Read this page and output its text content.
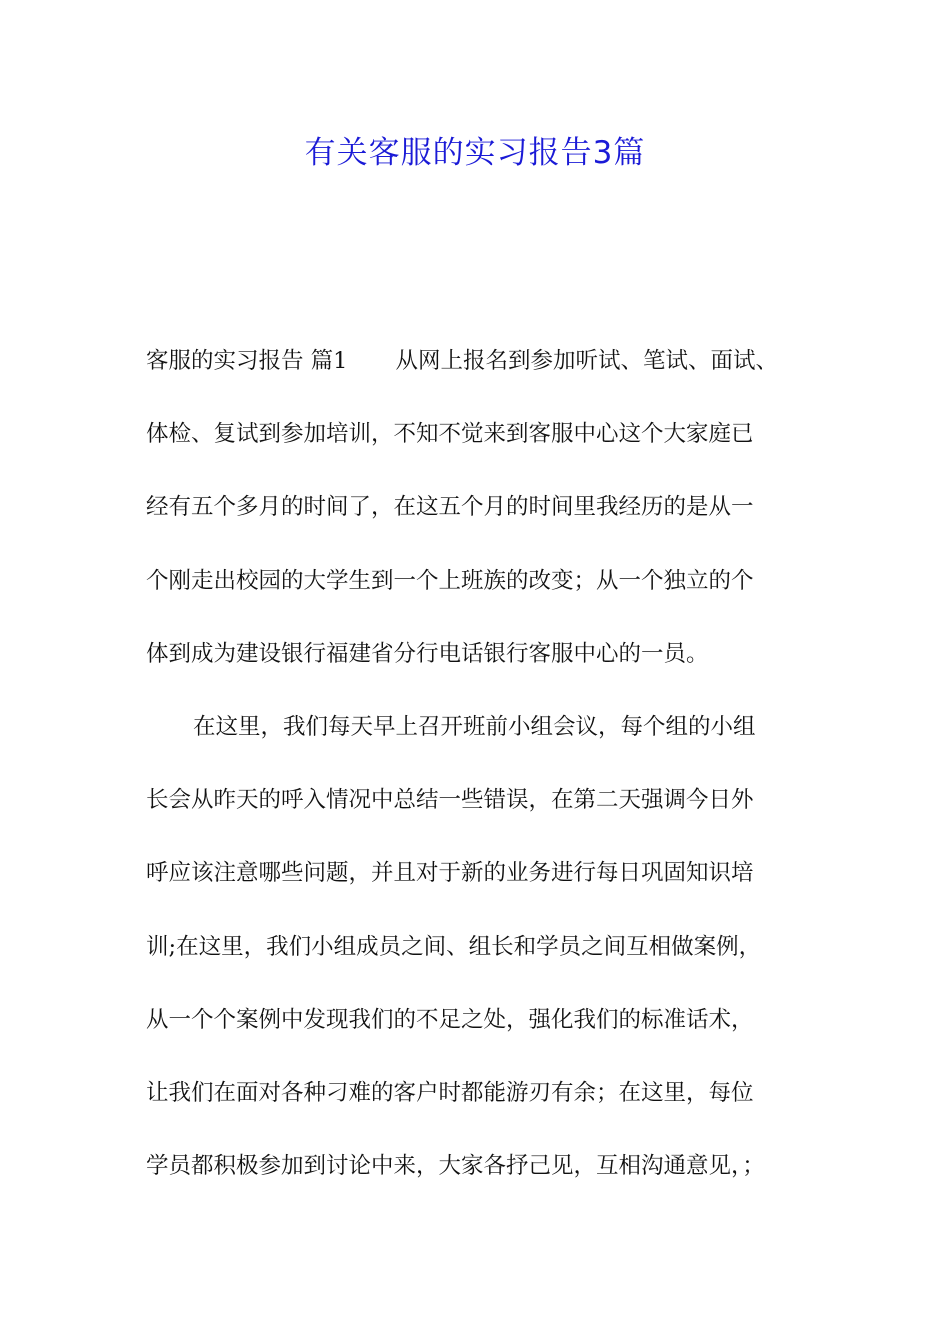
有关客服的实习报告3篇
客服的实习报告 篇1 从网上报名到参加听试、笔试、面试、
体检、复试到参加培训，不知不觉来到客服中心这个大家庭已
经有五个多月的时间了，在这五个月的时间里我经历的是从一
个刚走出校园的大学生到一个上班族的改变；从一个独立的个
体到成为建设银行福建省分行电话银行客服中心的一员。
在这里，我们每天早上召开班前小组会议，每个组的小组
长会从昨天的呼入情况中总结一些错误，在第二天强调今日外
呼应该注意哪些问题，并且对于新的业务进行每日巩固知识培
训;在这里，我们小组成员之间、组长和学员之间互相做案例，
从一个个案例中发现我们的不足之处，强化我们的标准话术，
让我们在面对各种刁难的客户时都能游刃有余；在这里，每位
学员都积极参加到讨论中来，大家各抒己见，互相沟通意见，；
